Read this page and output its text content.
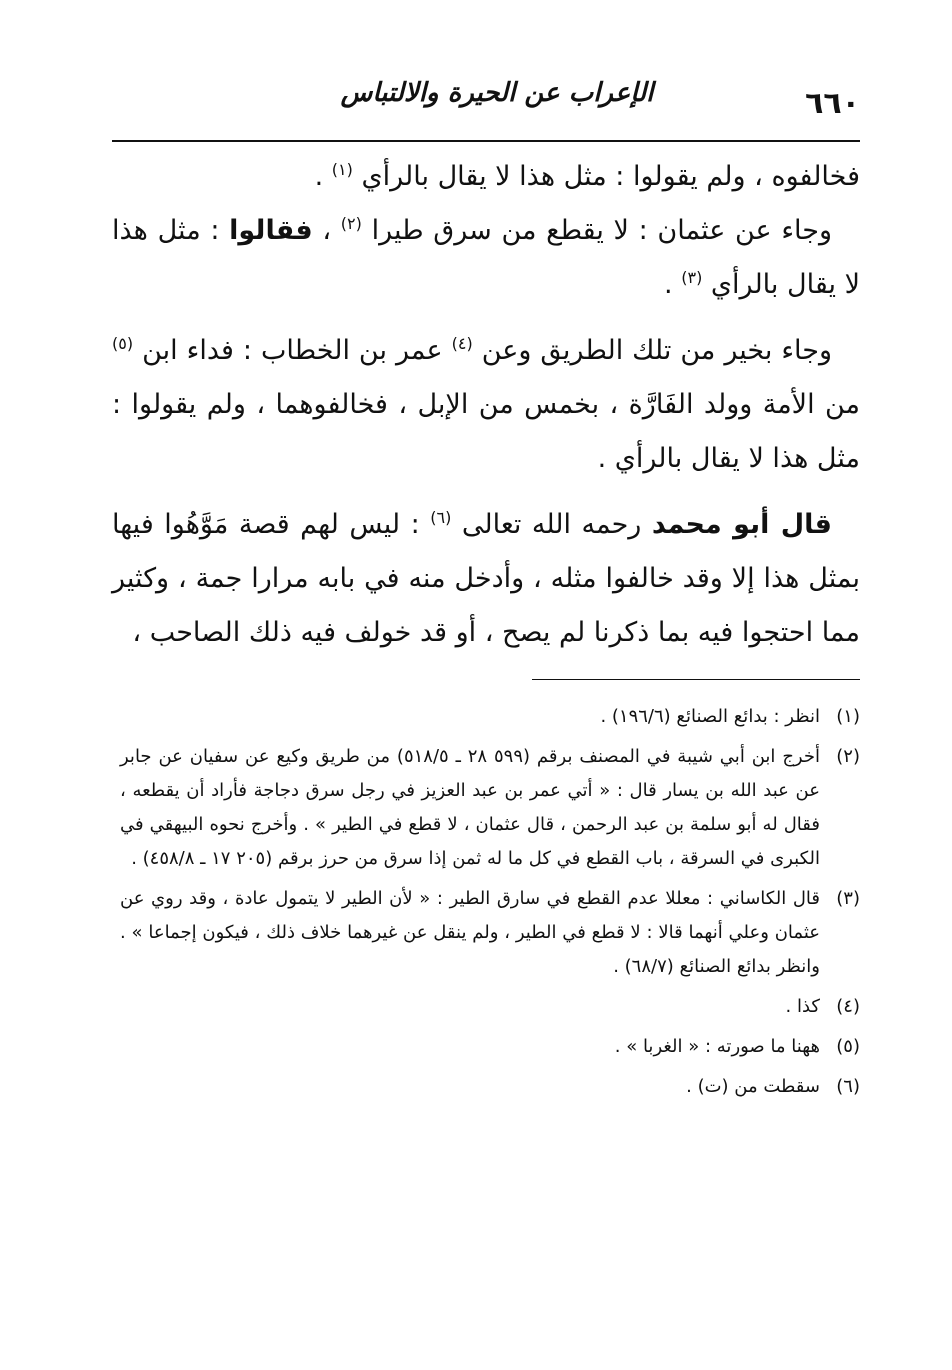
٦٦٠
الإعراب عن الحيرة والالتباس

فخالفوه ، ولم يقولوا : مثل هذا لا يقال بالرأي $^{(١)}$ .

وجاء عن عثمان : لا يقطع من سرق طيرا $^{(٢)}$ ، فقالوا : مثل هذا لا يقال بالرأي $^{(٣)}$ .

وجاء بخير من تلك الطريق وعن $^{(٤)}$ عمر بن الخطاب : فداء ابن $^{(٥)}$ من الأمة وولد الفَارَّة ، بخمس من الإبل ، فخالفوهما ، ولم يقولوا : مثل هذا لا يقال بالرأي .

قال أبو محمد رحمه الله تعالى $^{(٦)}$ : ليس لهم قصة مَوَّهُوا فيها بمثل هذا إلا وقد خالفوا مثله ، وأدخل منه في بابه مرارا جمة ، وكثير مما احتجوا فيه بما ذكرنا لم يصح ، أو قد خولف فيه ذلك الصاحب ،

(١)
انظر : بدائع الصنائع (١٩٦/٦) .
(٢)
أخرج ابن أبي شيبة في المصنف برقم (٥٩٩ ٢٨ ـ ٥١٨/٥) من طريق وكيع عن سفيان عن جابر عن عبد الله بن يسار قال : « أتي عمر بن عبد العزيز في رجل سرق دجاجة فأراد أن يقطعه ، فقال له أبو سلمة بن عبد الرحمن ، قال عثمان ، لا قطع في الطير » . وأخرج نحوه البيهقي في الكبرى في السرقة ، باب القطع في كل ما له ثمن إذا سرق من حرز برقم (٢٠٥ ١٧ ـ ٤٥٨/٨) .
(٣)
قال الكاساني : معللا عدم القطع في سارق الطير : « لأن الطير لا يتمول عادة ، وقد روي عن عثمان وعلي أنهما قالا : لا قطع في الطير ، ولم ينقل عن غيرهما خلاف ذلك ، فيكون إجماعا » . وانظر بدائع الصنائع (٦٨/٧) .
(٤)
كذا .
(٥)
ههنا ما صورته : « الغربا » .
(٦)
سقطت من (ت) .
